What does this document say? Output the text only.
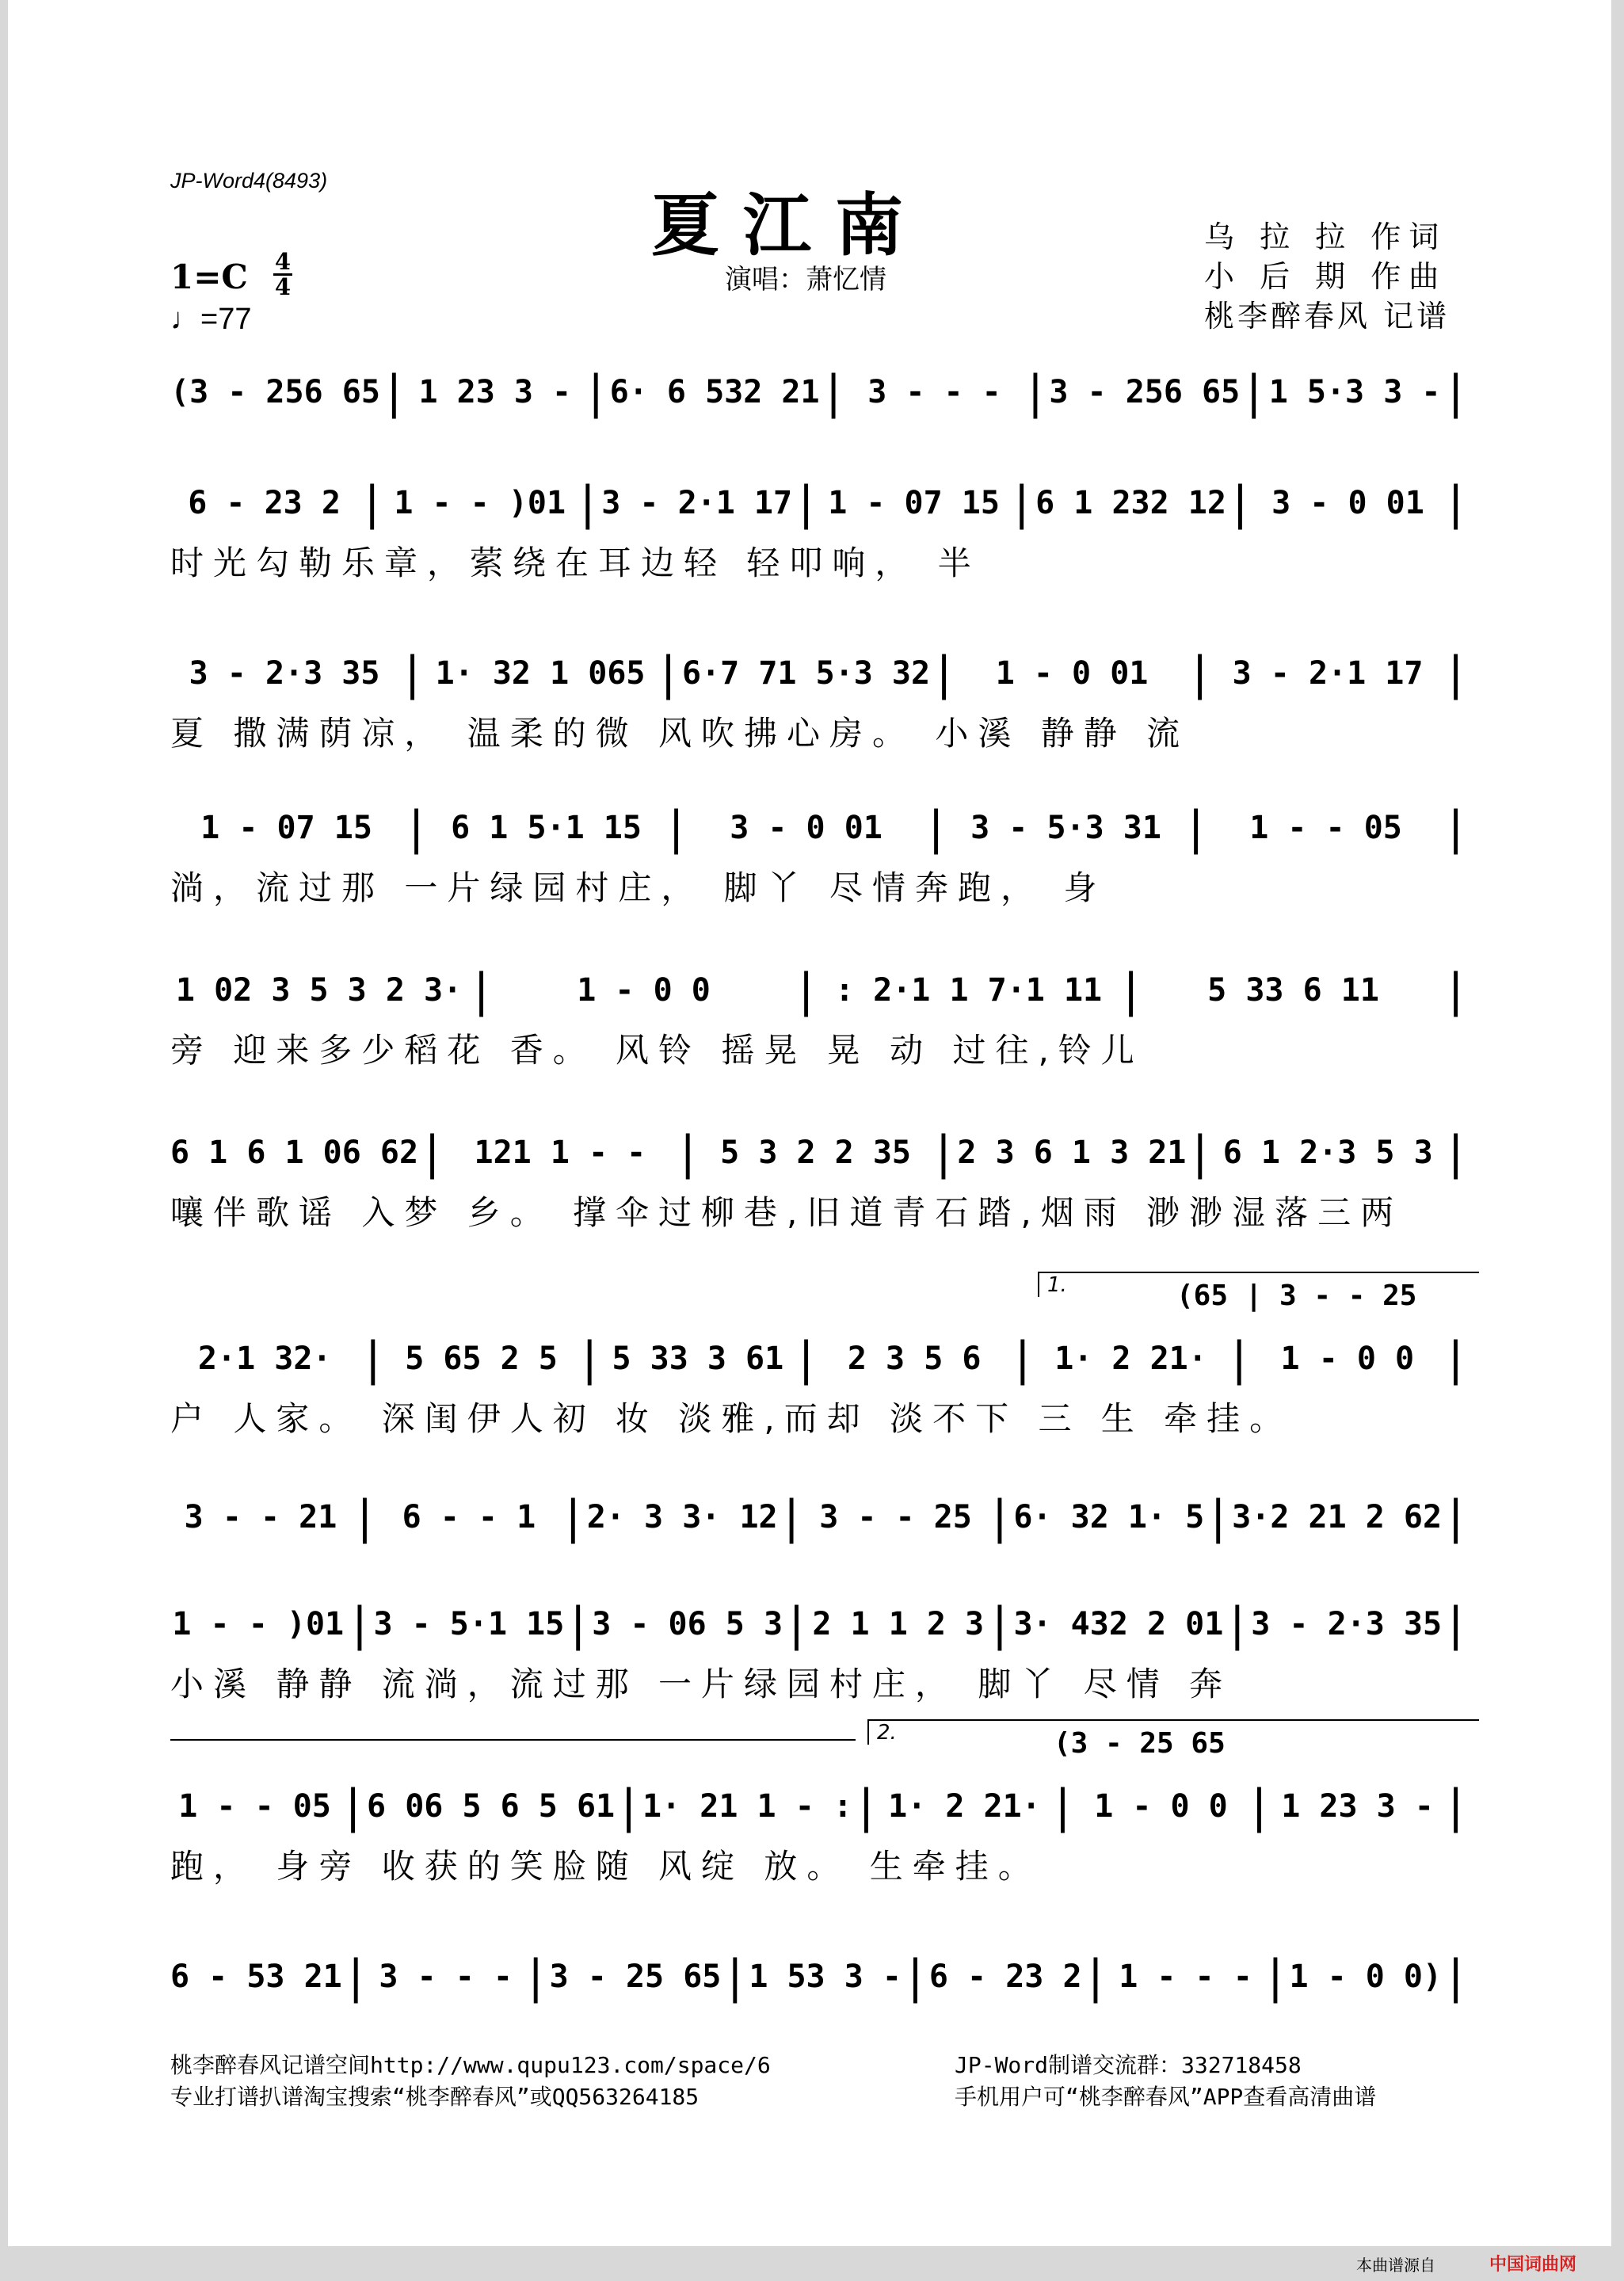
JP-Word4(8493)
夏江南
演唱：萧忆情
乌 拉 拉 作词
小 后 期 作曲
桃李醉春风 记谱
1=C 4
4
♩=77
(3 - 256 65 | 1 23 3 - | 6· 6 532 21 | 3 - - - | 3 - 256 65 | 1 5·3 3 - |
6 - 23 2 | 1 - - )01 | 3 - 2·1 17 | 1 - 07 15 | 6 1 232 12 | 3 - 0 01 |
时光勾勒乐章，萦绕在耳边轻 轻叩响， 半
3 - 2·3 35 | 1· 32 1 065 | 6·7 71 5·3 32 |	1 - 0 01 | 3 - 2·1 17 |
夏 撒满荫凉， 温柔的微 风吹拂心房。 小溪 静静 流
1 - 07 15 | 6 1 5·1 15 |	3 - 0 01 | 3 - 5·3 31 |	1 - - 05 |
淌，流过那 一片绿园村庄， 脚丫 尽情奔跑， 身
1 02 3 5 3 2 3· |	1 - 0 0	| : 2·1 1 7·1 11 |	5 33 6 11	|
旁 迎来多少稻花 香。 风铃 摇晃 晃 动 过往,铃儿
6 1 6 1 06 62 | 121 1 - - | 5 3 2 2 35 | 2 3 6 1 3 21 | 6 1 2·3 5 3 |
嚷伴歌谣 入梦 乡。 撑伞过柳巷,旧道青石踏,烟雨 渺渺湿落三两
1.	(65 | 3 - - 25
2·1 32· | 5 65 2 5 | 5 33 3 61 | 2 3 5 6 | 1· 2 21· | 1 - 0 0 |
户 人家。 深闺伊人初 妆 淡雅,而却 淡不下 三 生 牵挂。
3 - - 21 | 6 - - 1 | 2· 3 3· 12 | 3 - - 25 | 6· 32 1· 5 | 3·2 21 2 62 |
1 - - )01 | 3 - 5·1 15 | 3 - 06 5 3 | 2 1 1 2 3 | 3· 432 2 01 | 3 - 2·3 35 |
小溪 静静 流淌，流过那 一片绿园村庄， 脚丫 尽情 奔
2.	(3 - 25 65
1 - - 05 | 6 06 5 6 5 61 | 1· 21 1 - : | 1· 2 21· | 1 - 0 0 | 1 23 3 - |
跑， 身旁 收获的笑脸随 风绽 放。 生牵挂。
6 - 53 21 | 3 - - - | 3 - 25 65 | 1 53 3 - | 6 - 23 2 | 1 - - - | 1 - 0 0) |
桃李醉春风记谱空间http://www.qupu123.com/space/6
专业打谱扒谱淘宝搜索“桃李醉春风”或QQ563264185
JP-Word制谱交流群：332718458
手机用户可“桃李醉春风”APP查看高清曲谱
本曲谱源自	中国词曲网
